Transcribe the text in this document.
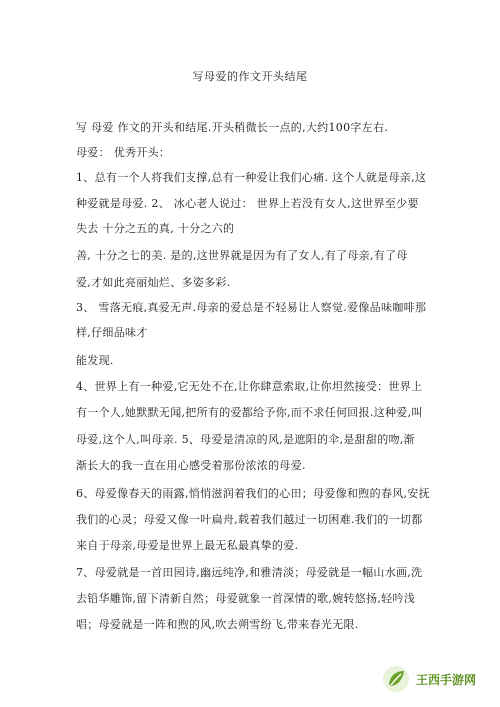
写母爱的作文开头结尾
写 母爱 作文的开头和结尾.开头稍微长一点的,大约100字左右.
母爱： 优秀开头：
1、总有一个人将我们支撑,总有一种爱让我们心痛. 这个人就是母亲,这
种爱就是母爱. 2、 冰心老人说过： 世界上若没有女人,这世界至少要
失去 十分之五的真, 十分之六的
善, 十分之七的美. 是的,这世界就是因为有了女人,有了母亲,有了母
爱,才如此亮丽灿烂、多姿多彩.
3、 雪落无痕,真爱无声.母亲的爱总是不轻易让人察觉.爱像品味咖啡那
样,仔细品味才
能发现.
4、世界上有一种爱,它无处不在,让你肆意索取,让你坦然接受：世界上
有一个人,她默默无闻,把所有的爱都给予你,而不求任何回报.这种爱,叫
母爱,这个人,叫母亲. 5、母爱是清凉的风,是遮阳的伞,是甜甜的吻,渐
渐长大的我一直在用心感受着那份浓浓的母爱.
6、母爱像春天的雨露,悄悄滋润着我们的心田；母爱像和煦的春风,安抚
我们的心灵；母爱又像一叶扁舟,载着我们越过一切困难.我们的一切都
来自于母亲,母爱是世界上最无私最真挚的爱.
7、母爱就是一首田园诗,幽远纯净,和雅清淡；母爱就是一幅山水画,洗
去铅华雕饰,留下清新自然；母爱就象一首深情的歌,婉转悠扬,轻吟浅
唱；母爱就是一阵和煦的风,吹去朔雪纷飞,带来春光无限.
王西手游网
